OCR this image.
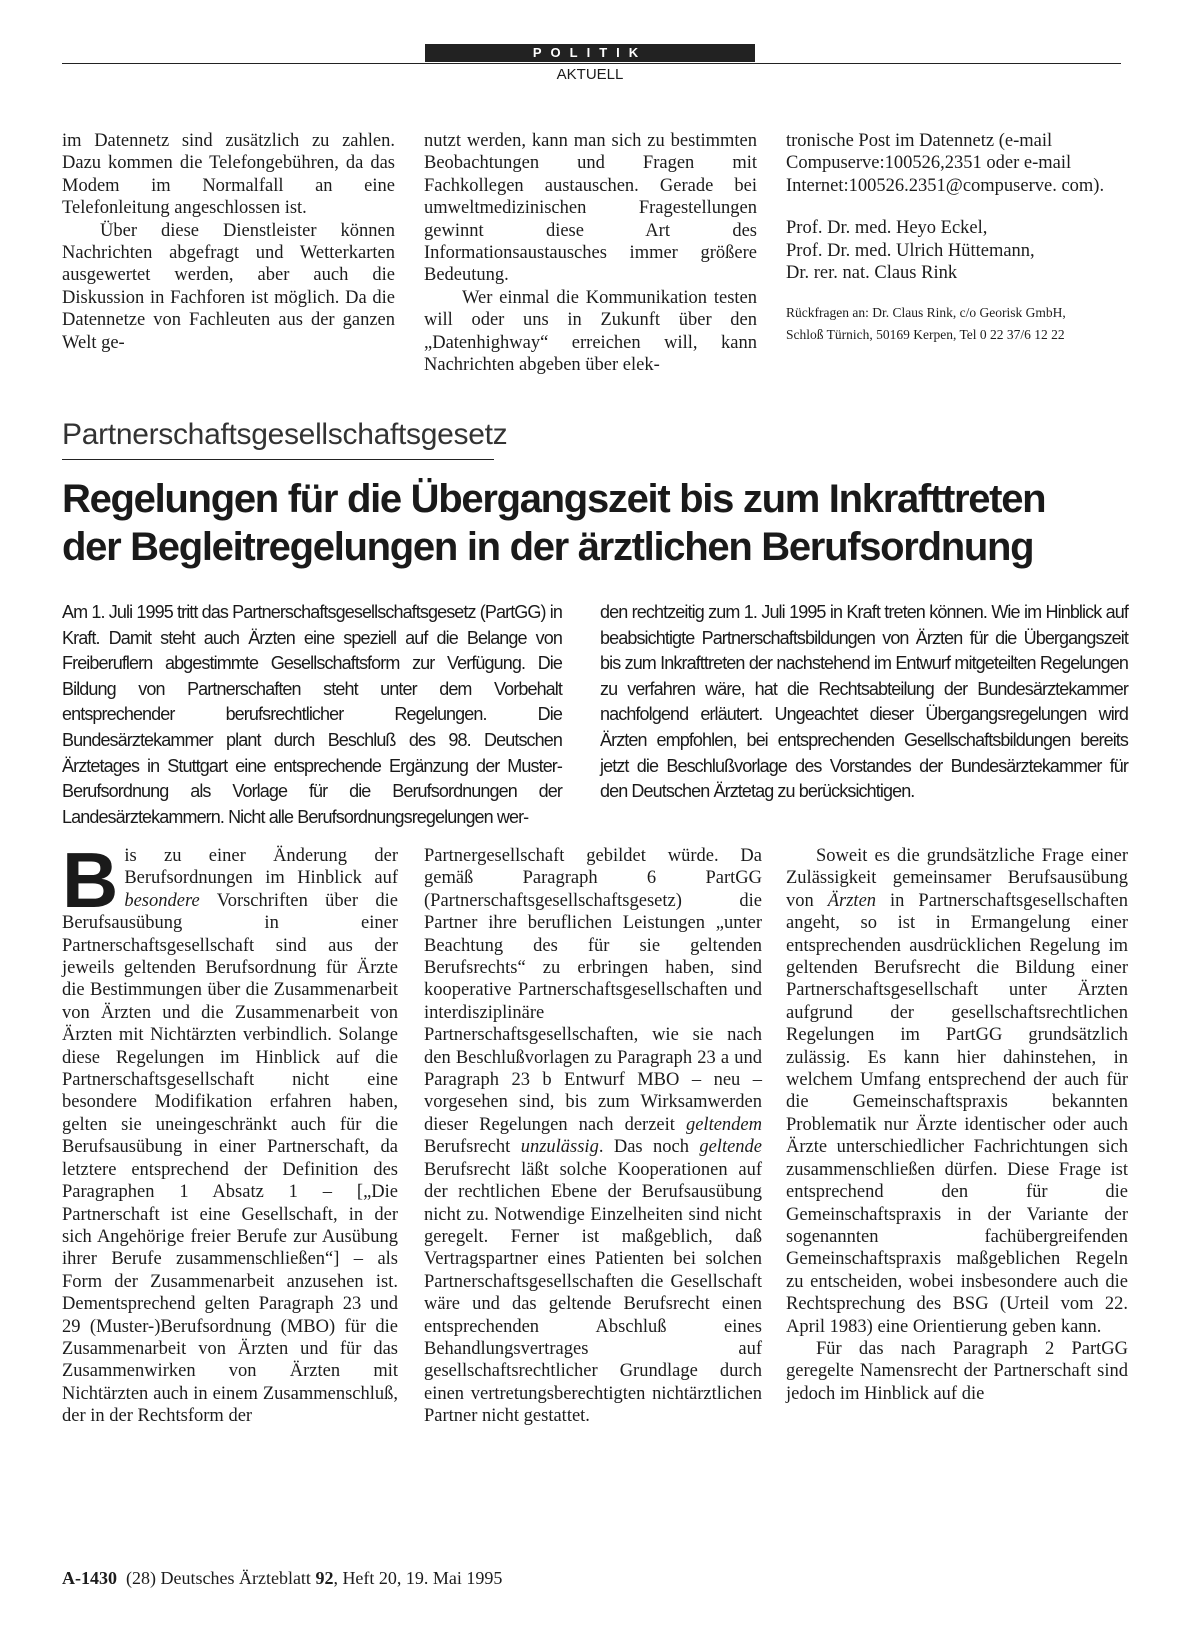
POLITIK
AKTUELL

im Datennetz sind zusätzlich zu zahlen. Dazu kommen die Telefongebühren, da das Modem im Normalfall an eine Telefonleitung angeschlossen ist.

Über diese Dienstleister können Nachrichten abgefragt und Wetterkarten ausgewertet werden, aber auch die Diskussion in Fachforen ist möglich. Da die Datennetze von Fachleuten aus der ganzen Welt ge-

nutzt werden, kann man sich zu bestimmten Beobachtungen und Fragen mit Fachkollegen austauschen. Gerade bei umweltmedizinischen Fragestellungen gewinnt diese Art des Informationsaustausches immer größere Bedeutung.

Wer einmal die Kommunikation testen will oder uns in Zukunft über den „Datenhighway“ erreichen will, kann Nachrichten abgeben über elek-

tronische Post im Datennetz (e-mail Compuserve:100526,2351 oder e-mail Internet:100526.2351@compuserve. com).

Prof. Dr. med. Heyo Eckel,
Prof. Dr. med. Ulrich Hüttemann,
Dr. rer. nat. Claus Rink

Rückfragen an: Dr. Claus Rink, c/o Georisk GmbH,
Schloß Türnich, 50169 Kerpen, Tel 0 22 37/6 12 22

Partnerschaftsgesellschaftsgesetz
Regelungen für die Übergangszeit bis zum Inkrafttreten
der Begleitregelungen in der ärztlichen Berufsordnung

Am 1. Juli 1995 tritt das Partnerschaftsgesellschaftsgesetz (PartGG) in Kraft. Damit steht auch Ärzten eine speziell auf die Belange von Freiberuflern abgestimmte Gesellschaftsform zur Verfügung. Die Bildung von Partnerschaften steht unter dem Vorbehalt entsprechender berufsrechtlicher Regelungen. Die Bundesärztekammer plant durch Beschluß des 98. Deutschen Ärztetages in Stuttgart eine entsprechende Ergänzung der Muster-Berufsordnung als Vorlage für die Berufsordnungen der Landesärztekammern. Nicht alle Berufsordnungsregelungen wer-

den rechtzeitig zum 1. Juli 1995 in Kraft treten können. Wie im Hinblick auf beabsichtigte Partnerschaftsbildungen von Ärzten für die Übergangszeit bis zum Inkrafttreten der nachstehend im Entwurf mitgeteilten Regelungen zu verfahren wäre, hat die Rechtsabteilung der Bundesärztekammer nachfolgend erläutert. Ungeachtet dieser Übergangsregelungen wird Ärzten empfohlen, bei entsprechenden Gesellschaftsbildungen bereits jetzt die Beschlußvorlage des Vorstandes der Bundesärztekammer für den Deutschen Ärztetag zu berücksichtigen.

Bis zu einer Änderung der Berufsordnungen im Hinblick auf besondere Vorschriften über die Berufsausübung in einer Partnerschaftsgesellschaft sind aus der jeweils geltenden Berufsordnung für Ärzte die Bestimmungen über die Zusammenarbeit von Ärzten und die Zusammenarbeit von Ärzten mit Nichtärzten verbindlich. Solange diese Regelungen im Hinblick auf die Partnerschaftsgesellschaft nicht eine besondere Modifikation erfahren haben, gelten sie uneingeschränkt auch für die Berufsausübung in einer Partnerschaft, da letztere entsprechend der Definition des Paragraphen 1 Absatz 1 – [„Die Partnerschaft ist eine Gesellschaft, in der sich Angehörige freier Berufe zur Ausübung ihrer Berufe zusammenschließen“] – als Form der Zusammenarbeit anzusehen ist. Dementsprechend gelten Paragraph 23 und 29 (Muster-)Berufsordnung (MBO) für die Zusammenarbeit von Ärzten und für das Zusammenwirken von Ärzten mit Nichtärzten auch in einem Zusammenschluß, der in der Rechtsform der

Partnergesellschaft gebildet würde. Da gemäß Paragraph 6 PartGG (Partnerschaftsgesellschaftsgesetz) die Partner ihre beruflichen Leistungen „unter Beachtung des für sie geltenden Berufsrechts“ zu erbringen haben, sind kooperative Partnerschaftsgesellschaften und interdisziplinäre Partnerschaftsgesellschaften, wie sie nach den Beschlußvorlagen zu Paragraph 23 a und Paragraph 23 b Entwurf MBO – neu – vorgesehen sind, bis zum Wirksamwerden dieser Regelungen nach derzeit geltendem Berufsrecht unzulässig. Das noch geltende Berufsrecht läßt solche Kooperationen auf der rechtlichen Ebene der Berufsausübung nicht zu. Notwendige Einzelheiten sind nicht geregelt. Ferner ist maßgeblich, daß Vertragspartner eines Patienten bei solchen Partnerschaftsgesellschaften die Gesellschaft wäre und das geltende Berufsrecht einen entsprechenden Abschluß eines Behandlungsvertrages auf gesellschaftsrechtlicher Grundlage durch einen vertretungsberechtigten nichtärztlichen Partner nicht gestattet.

Soweit es die grundsätzliche Frage einer Zulässigkeit gemeinsamer Berufsausübung von Ärzten in Partnerschaftsgesellschaften angeht, so ist in Ermangelung einer entsprechenden ausdrücklichen Regelung im geltenden Berufsrecht die Bildung einer Partnerschaftsgesellschaft unter Ärzten aufgrund der gesellschaftsrechtlichen Regelungen im PartGG grundsätzlich zulässig. Es kann hier dahinstehen, in welchem Umfang entsprechend der auch für die Gemeinschaftspraxis bekannten Problematik nur Ärzte identischer oder auch Ärzte unterschiedlicher Fachrichtungen sich zusammenschließen dürfen. Diese Frage ist entsprechend den für die Gemeinschaftspraxis in der Variante der sogenannten fachübergreifenden Gemeinschaftspraxis maßgeblichen Regeln zu entscheiden, wobei insbesondere auch die Rechtsprechung des BSG (Urteil vom 22. April 1983) eine Orientierung geben kann.

Für das nach Paragraph 2 PartGG geregelte Namensrecht der Partnerschaft sind jedoch im Hinblick auf die

A-1430 (28) Deutsches Ärzteblatt 92, Heft 20, 19. Mai 1995
